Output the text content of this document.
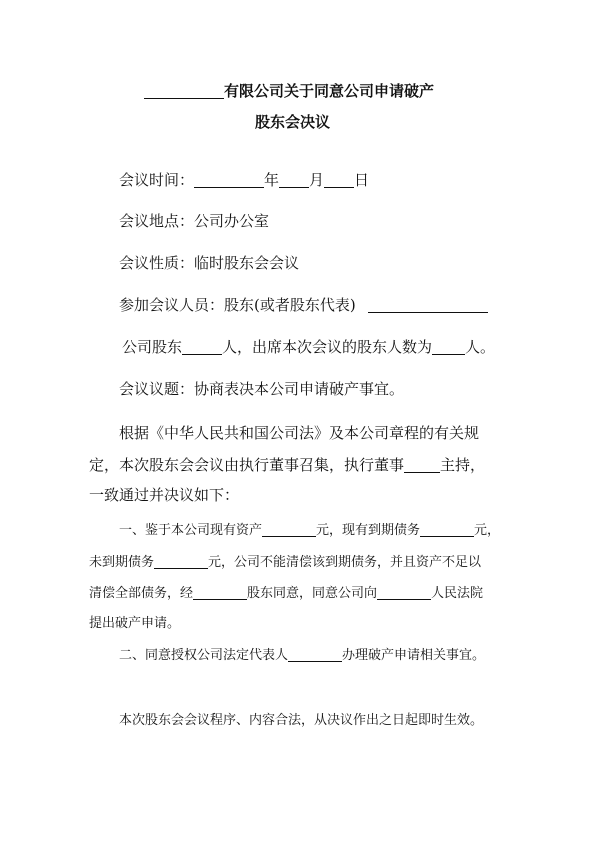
有限公司关于同意公司申请破产
股东会决议
会议时间：	年 月 日
会议地点：公司办公室
会议性质：临时股东会会议
参加会议人员：股东(或者股东代表)
公司股东	人，出席本次会议的股东人数为 人。
会议议题：协商表决本公司申请破产事宜。
根据《中华人民共和国公司法》及本公司章程的有关规
定，本次股东会会议由执行董事召集，执行董事 主持，
一致通过并决议如下：
一、鉴于本公司现有资产	元，现有到期债务	元，
未到期债务	元，公司不能清偿该到期债务，并且资产不足以
清偿全部债务，经	股东同意，同意公司向	人民法院
提出破产申请。
二、同意授权公司法定代表人	办理破产申请相关事宜。
本次股东会会议程序、内容合法，从决议作出之日起即时生效。
